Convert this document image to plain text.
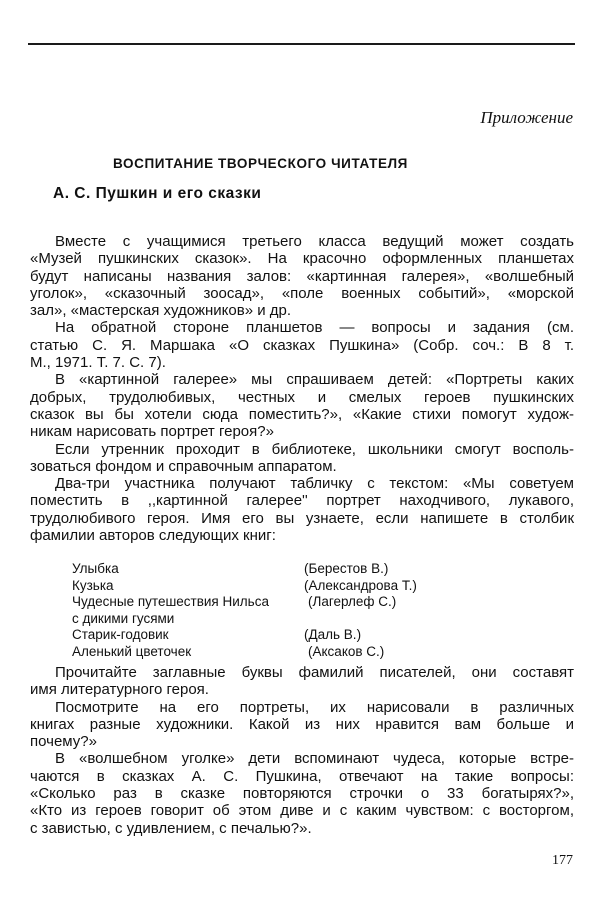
Приложение
ВОСПИТАНИЕ ТВОРЧЕСКОГО ЧИТАТЕЛЯ
А. С. Пушкин и его сказки

Вместе с учащимися третьего класса ведущий может создать
«Музей пушкинских сказок». На красочно оформленных планшетах
будут написаны названия залов: «картинная галерея», «волшебный
уголок», «сказочный зоосад», «поле военных событий», «морской
зал», «мастерская художников» и др.

На обратной стороне планшетов — вопросы и задания (см.
статью С. Я. Маршака «О сказках Пушкина» (Собр. соч.: В 8 т.
М., 1971. Т. 7. С. 7).

В «картинной галерее» мы спрашиваем детей: «Портреты каких
добрых, трудолюбивых, честных и смелых героев пушкинских
сказок вы бы хотели сюда поместить?», «Какие стихи помогут худож-
никам нарисовать портрет героя?»

Если утренник проходит в библиотеке, школьники смогут восполь-
зоваться фондом и справочным аппаратом.

Два-три участника получают табличку с текстом: «Мы советуем
поместить в ,,картинной галерее'' портрет находчивого, лукавого,
трудолюбивого героя. Имя его вы узнаете, если напишете в столбик
фамилии авторов следующих книг:

Улыбка	(Берестов В.)
Кузька	(Александрова Т.)
Чудесные путешествия Нильса	(Лагерлеф С.)
с дикими гусями
Старик-годовик	(Даль В.)
Аленький цветочек	(Аксаков С.)

Прочитайте заглавные буквы фамилий писателей, они составят
имя литературного героя.

Посмотрите на его портреты, их нарисовали в различных
книгах разные художники. Какой из них нравится вам больше и
почему?»

В «волшебном уголке» дети вспоминают чудеса, которые встре-
чаются в сказках А. С. Пушкина, отвечают на такие вопросы:
«Сколько раз в сказке повторяются строчки о 33 богатырях?»,
«Кто из героев говорит об этом диве и с каким чувством: с восторгом,
с завистью, с удивлением, с печалью?».

177
